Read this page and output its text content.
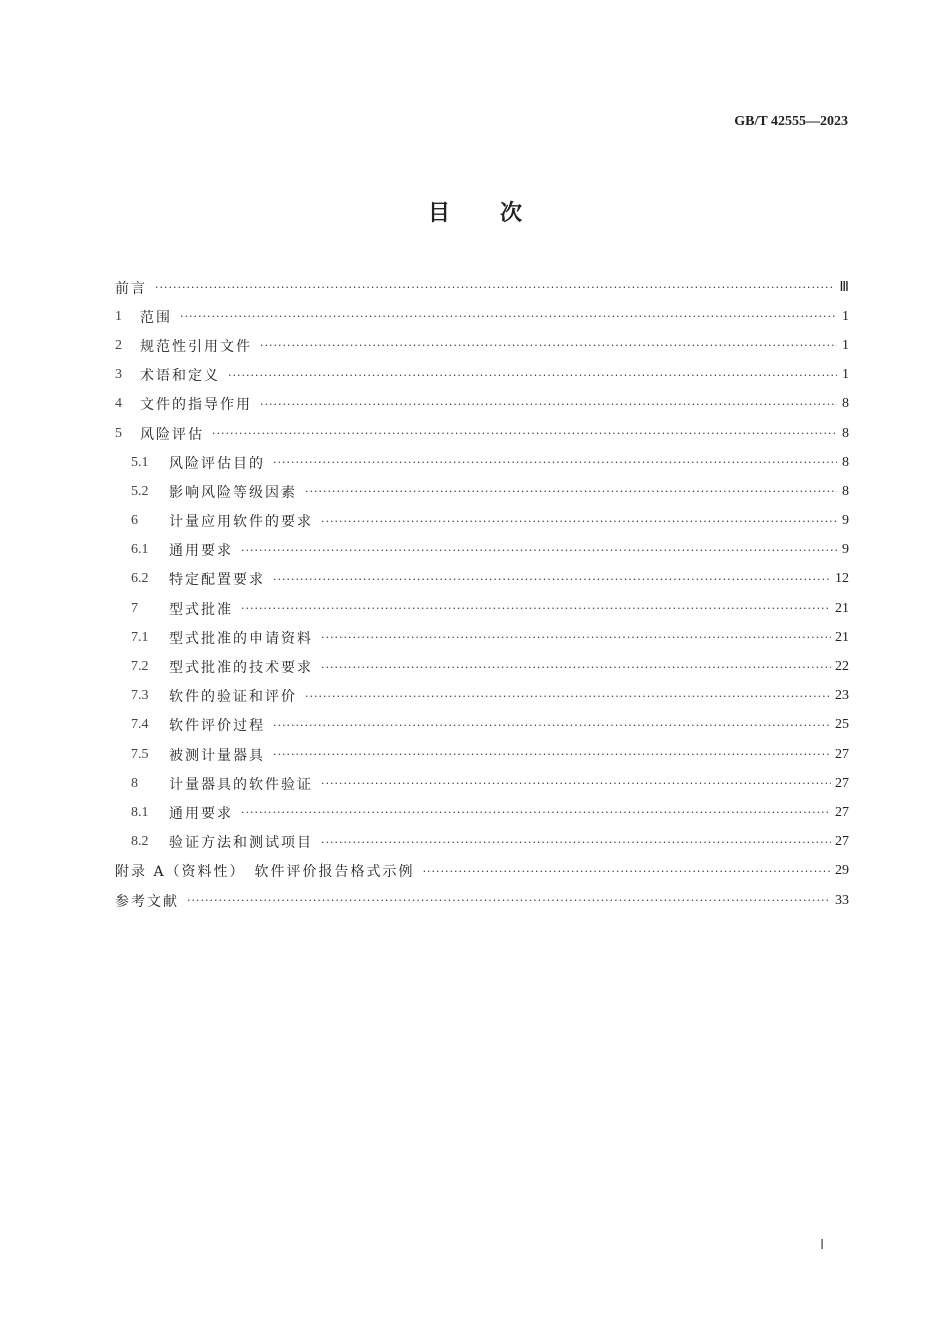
GB/T 42555—2023
目次
前言 ·····	Ⅲ
1	范围 ·····	1
2	规范性引用文件 ·····	1
3	术语和定义 ·····	1
4	文件的指导作用 ·····	8
5	风险评估 ·····	8
5.1	风险评估目的 ·····	8
5.2	影响风险等级因素 ·····	8
6	计量应用软件的要求 ·····	9
6.1	通用要求 ·····	9
6.2	特定配置要求 ·····	12
7	型式批准 ·····	21
7.1	型式批准的申请资料 ·····	21
7.2	型式批准的技术要求 ·····	22
7.3	软件的验证和评价 ·····	23
7.4	软件评价过程 ·····	25
7.5	被测计量器具 ·····	27
8	计量器具的软件验证 ·····	27
8.1	通用要求 ·····	27
8.2	验证方法和测试项目 ·····	27
附录 A（资料性）　软件评价报告格式示例 ·····	29
参考文献 ·····	33
Ⅰ
